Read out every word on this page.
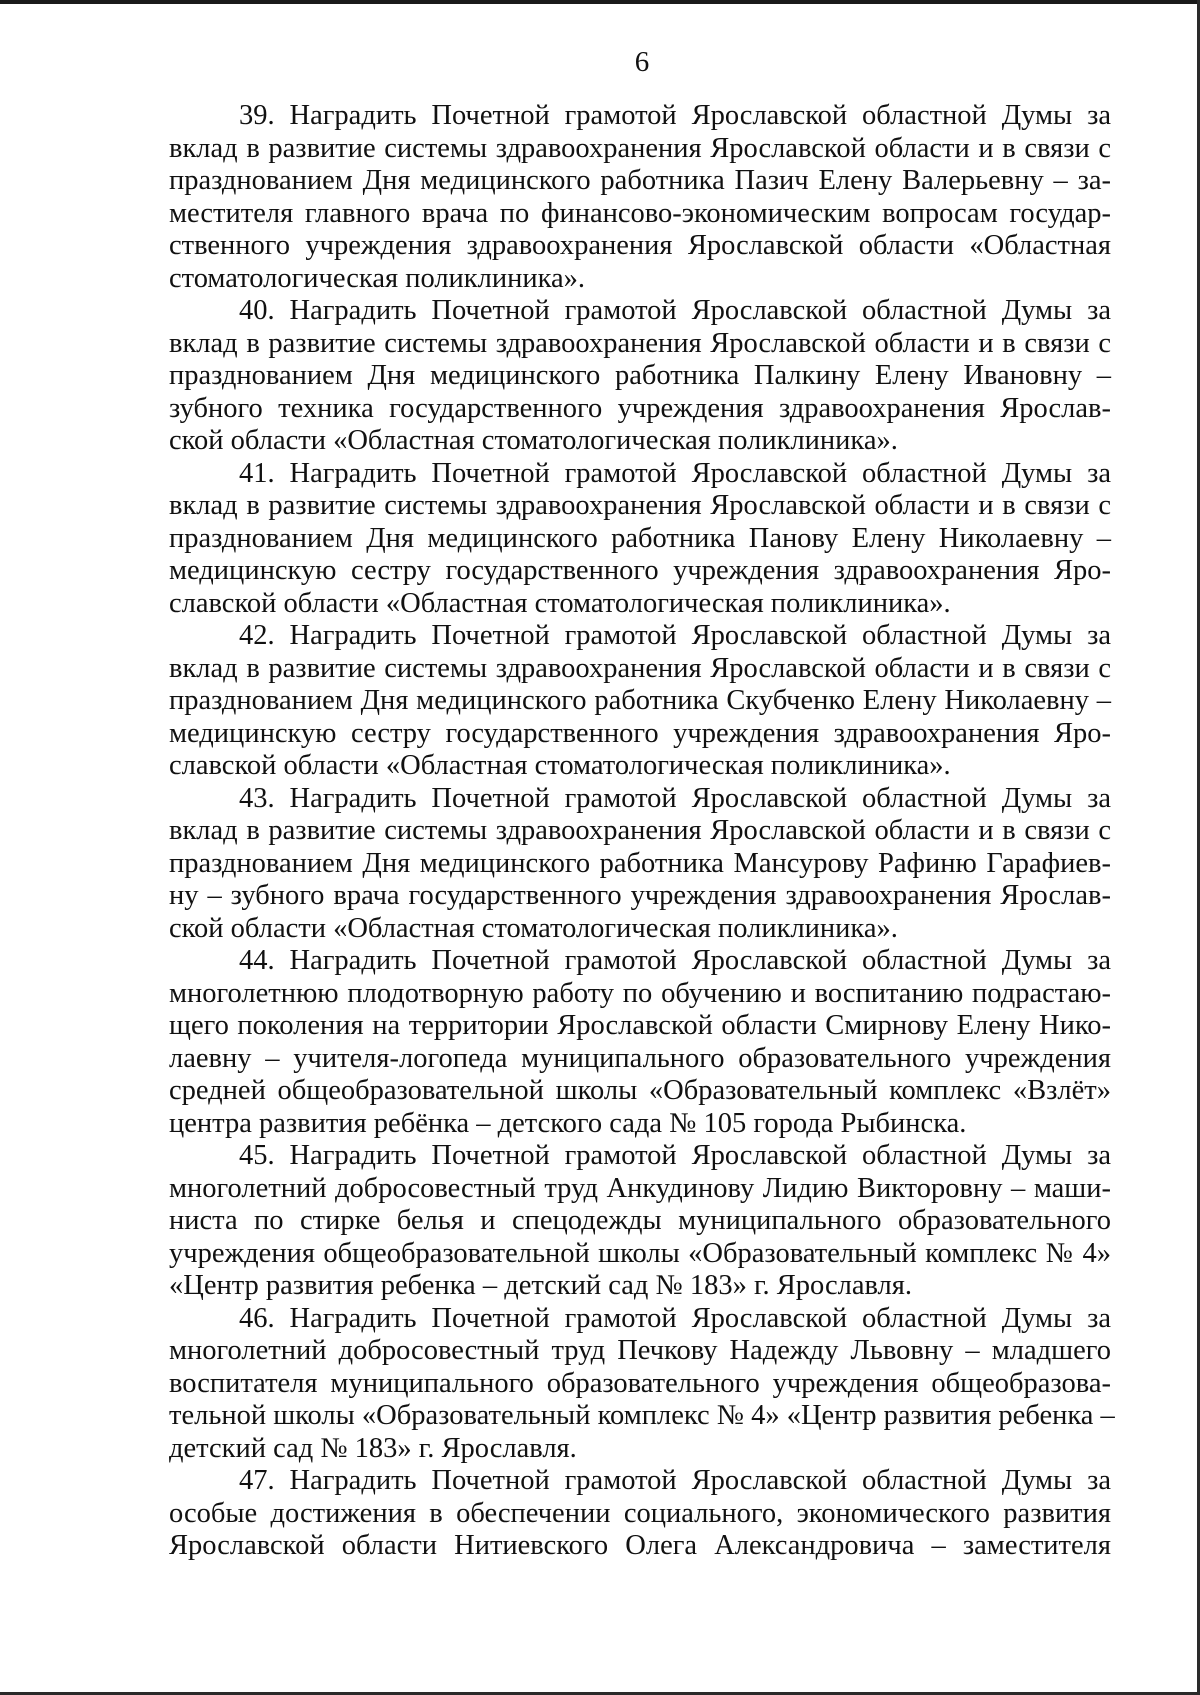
6

39. Наградить Почетной грамотой Ярославской областной Думы за
вклад в развитие системы здравоохранения Ярославской области и в связи с
празднованием Дня медицинского работника Пазич Елену Валерьевну – за-
местителя главного врача по финансово-экономическим вопросам государ-
ственного учреждения здравоохранения Ярославской области «Областная
стоматологическая поликлиника».

40. Наградить Почетной грамотой Ярославской областной Думы за
вклад в развитие системы здравоохранения Ярославской области и в связи с
празднованием Дня медицинского работника Палкину Елену Ивановну –
зубного техника государственного учреждения здравоохранения Ярослав-
ской области «Областная стоматологическая поликлиника».

41. Наградить Почетной грамотой Ярославской областной Думы за
вклад в развитие системы здравоохранения Ярославской области и в связи с
празднованием Дня медицинского работника Панову Елену Николаевну –
медицинскую сестру государственного учреждения здравоохранения Яро-
славской области «Областная стоматологическая поликлиника».

42. Наградить Почетной грамотой Ярославской областной Думы за
вклад в развитие системы здравоохранения Ярославской области и в связи с
празднованием Дня медицинского работника Скубченко Елену Николаевну –
медицинскую сестру государственного учреждения здравоохранения Яро-
славской области «Областная стоматологическая поликлиника».

43. Наградить Почетной грамотой Ярославской областной Думы за
вклад в развитие системы здравоохранения Ярославской области и в связи с
празднованием Дня медицинского работника Мансурову Рафиню Гарафиев-
ну – зубного врача государственного учреждения здравоохранения Ярослав-
ской области «Областная стоматологическая поликлиника».

44. Наградить Почетной грамотой Ярославской областной Думы за
многолетнюю плодотворную работу по обучению и воспитанию подрастаю-
щего поколения на территории Ярославской области Смирнову Елену Нико-
лаевну – учителя-логопеда муниципального образовательного учреждения
средней общеобразовательной школы «Образовательный комплекс «Взлёт»
центра развития ребёнка – детского сада № 105 города Рыбинска.

45. Наградить Почетной грамотой Ярославской областной Думы за
многолетний добросовестный труд Анкудинову Лидию Викторовну – маши-
ниста по стирке белья и спецодежды муниципального образовательного
учреждения общеобразовательной школы «Образовательный комплекс № 4»
«Центр развития ребенка – детский сад № 183» г. Ярославля.

46. Наградить Почетной грамотой Ярославской областной Думы за
многолетний добросовестный труд Печкову Надежду Львовну – младшего
воспитателя муниципального образовательного учреждения общеобразова-
тельной школы «Образовательный комплекс № 4» «Центр развития ребенка –
детский сад № 183» г. Ярославля.

47. Наградить Почетной грамотой Ярославской областной Думы за
особые достижения в обеспечении социального, экономического развития
Ярославской области Нитиевского Олега Александровича – заместителя
